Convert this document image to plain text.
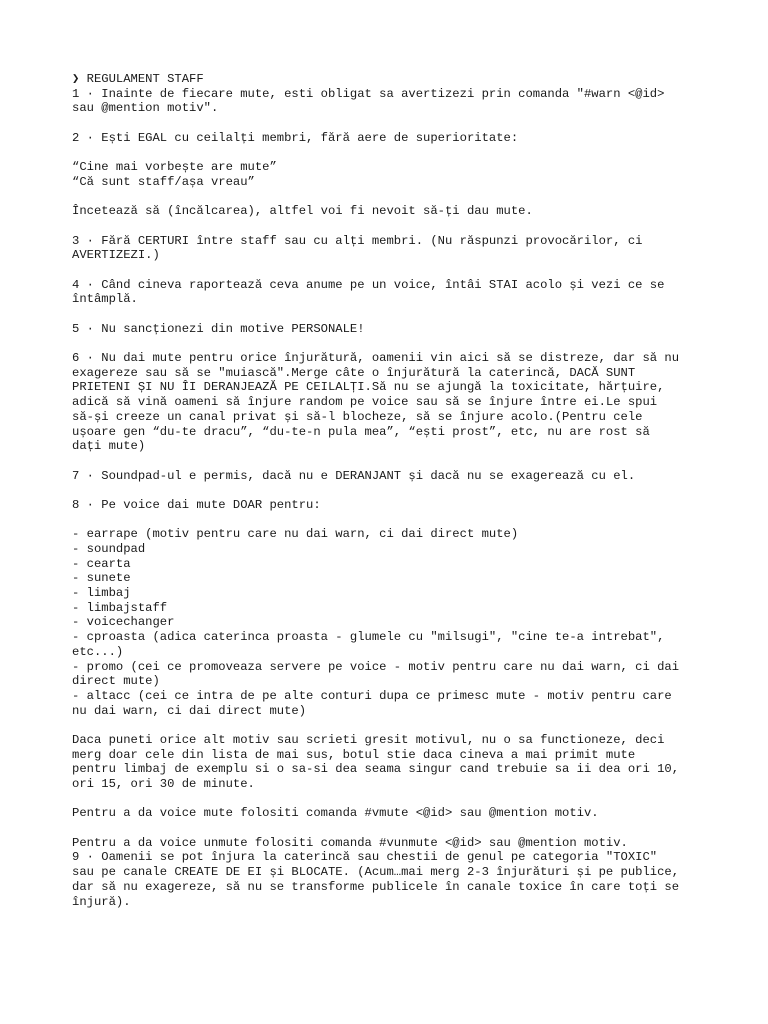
❯ REGULAMENT STAFF
1 · Inainte de fiecare mute, esti obligat sa avertizezi prin comanda "#warn <@id>
sau @mention motiv".
2 · Ești EGAL cu ceilalți membri, fără aere de superioritate:
“Cine mai vorbește are mute”
“Că sunt staff/așa vreau”
Încetează să (încălcarea), altfel voi fi nevoit să-ți dau mute.
3 · Fără CERTURI între staff sau cu alți membri. (Nu răspunzi provocărilor, ci
AVERTIZEZI.)
4 · Când cineva raportează ceva anume pe un voice, întâi STAI acolo și vezi ce se
întâmplă.
5 · Nu sancționezi din motive PERSONALE!
6 · Nu dai mute pentru orice înjurătură, oamenii vin aici să se distreze, dar să nu
exagereze sau să se "muiască".Merge câte o înjurătură la caterincă, DACĂ SUNT
PRIETENI ȘI NU ÎI DERANJEAZĂ PE CEILALȚI.Să nu se ajungă la toxicitate, hărțuire,
adică să vină oameni să înjure random pe voice sau să se înjure între ei.Le spui
să-și creeze un canal privat și să-l blocheze, să se înjure acolo.(Pentru cele
ușoare gen “du-te dracu”, “du-te-n pula mea”, “ești prost”, etc, nu are rost să
dați mute)
7 · Soundpad-ul e permis, dacă nu e DERANJANT și dacă nu se exagerează cu el.
8 · Pe voice dai mute DOAR pentru:
- earrape (motiv pentru care nu dai warn, ci dai direct mute)
- soundpad
- cearta
- sunete
- limbaj
- limbajstaff
- voicechanger
- cproasta (adica caterinca proasta - glumele cu "milsugi", "cine te-a intrebat",
etc...)
- promo (cei ce promoveaza servere pe voice - motiv pentru care nu dai warn, ci dai
direct mute)
- altacc (cei ce intra de pe alte conturi dupa ce primesc mute - motiv pentru care
nu dai warn, ci dai direct mute)
Daca puneti orice alt motiv sau scrieti gresit motivul, nu o sa functioneze, deci
merg doar cele din lista de mai sus, botul stie daca cineva a mai primit mute
pentru limbaj de exemplu si o sa-si dea seama singur cand trebuie sa ii dea ori 10,
ori 15, ori 30 de minute.
Pentru a da voice mute folositi comanda #vmute <@id> sau @mention motiv.
Pentru a da voice unmute folositi comanda #vunmute <@id> sau @mention motiv.
9 · Oamenii se pot înjura la caterincă sau chestii de genul pe categoria "TOXIC"
sau pe canale CREATE DE EI și BLOCATE. (Acum…mai merg 2-3 înjurături și pe publice,
dar să nu exagereze, să nu se transforme publicele în canale toxice în care toți se
înjură).
